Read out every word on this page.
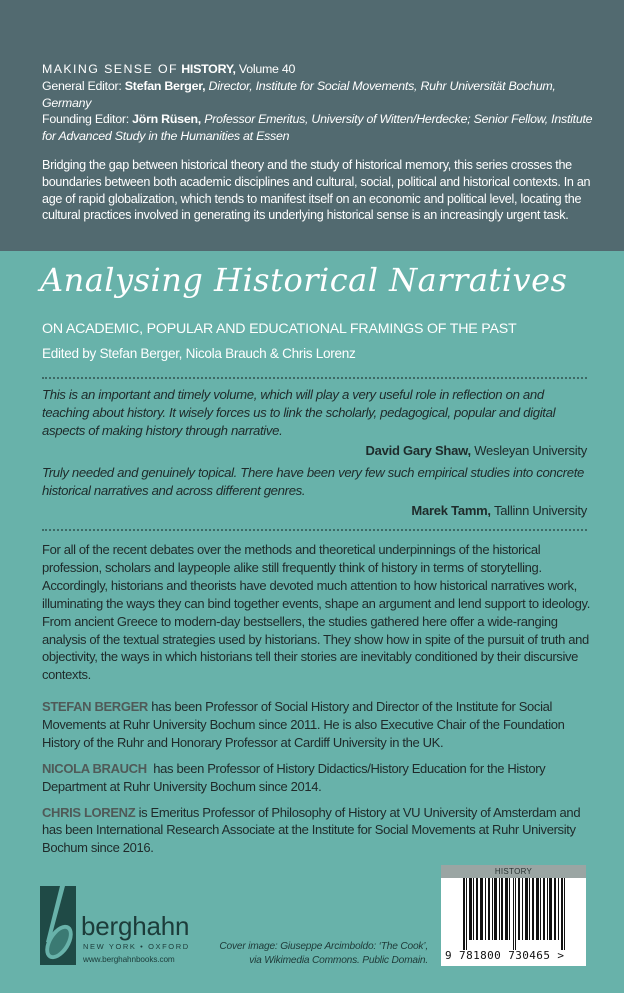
MAKING SENSE OF HISTORY, Volume 40
General Editor: Stefan Berger, Director, Institute for Social Movements, Ruhr Universität Bochum, Germany
Founding Editor: Jörn Rüsen, Professor Emeritus, University of Witten/Herdecke; Senior Fellow, Institute for Advanced Study in the Humanities at Essen

Bridging the gap between historical theory and the study of historical memory, this series crosses the boundaries between both academic disciplines and cultural, social, political and historical contexts. In an age of rapid globalization, which tends to manifest itself on an economic and political level, locating the cultural practices involved in generating its underlying historical sense is an increasingly urgent task.

Analysing Historical Narratives
ON ACADEMIC, POPULAR AND EDUCATIONAL FRAMINGS OF THE PAST
Edited by Stefan Berger, Nicola Brauch & Chris Lorenz

This is an important and timely volume, which will play a very useful role in reflection on and teaching about history. It wisely forces us to link the scholarly, pedagogical, popular and digital aspects of making history through narrative.

David Gary Shaw, Wesleyan University

Truly needed and genuinely topical. There have been very few such empirical studies into concrete historical narratives and across different genres.

Marek Tamm, Tallinn University

For all of the recent debates over the methods and theoretical underpinnings of the historical profession, scholars and laypeople alike still frequently think of history in terms of storytelling. Accordingly, historians and theorists have devoted much attention to how historical narratives work, illuminating the ways they can bind together events, shape an argument and lend support to ideology. From ancient Greece to modern-day bestsellers, the studies gathered here offer a wide-ranging analysis of the textual strategies used by historians. They show how in spite of the pursuit of truth and objectivity, the ways in which historians tell their stories are inevitably conditioned by their discursive contexts.

STEFAN BERGER has been Professor of Social History and Director of the Institute for Social Movements at Ruhr University Bochum since 2011. He is also Executive Chair of the Foundation History of the Ruhr and Honorary Professor at Cardiff University in the UK.

NICOLA BRAUCH  has been Professor of History Didactics/History Education for the History Department at Ruhr University Bochum since 2014.

CHRIS LORENZ is Emeritus Professor of Philosophy of History at VU University of Amsterdam and has been International Research Associate at the Institute for Social Movements at Ruhr University Bochum since 2016.

berghahn
NEW YORK • OXFORD
www.berghahnbooks.com
Cover image: Giuseppe Arcimboldo: ‘The Cook’,
via Wikimedia Commons. Public Domain.
HISTORY
9 781800 730465 >
